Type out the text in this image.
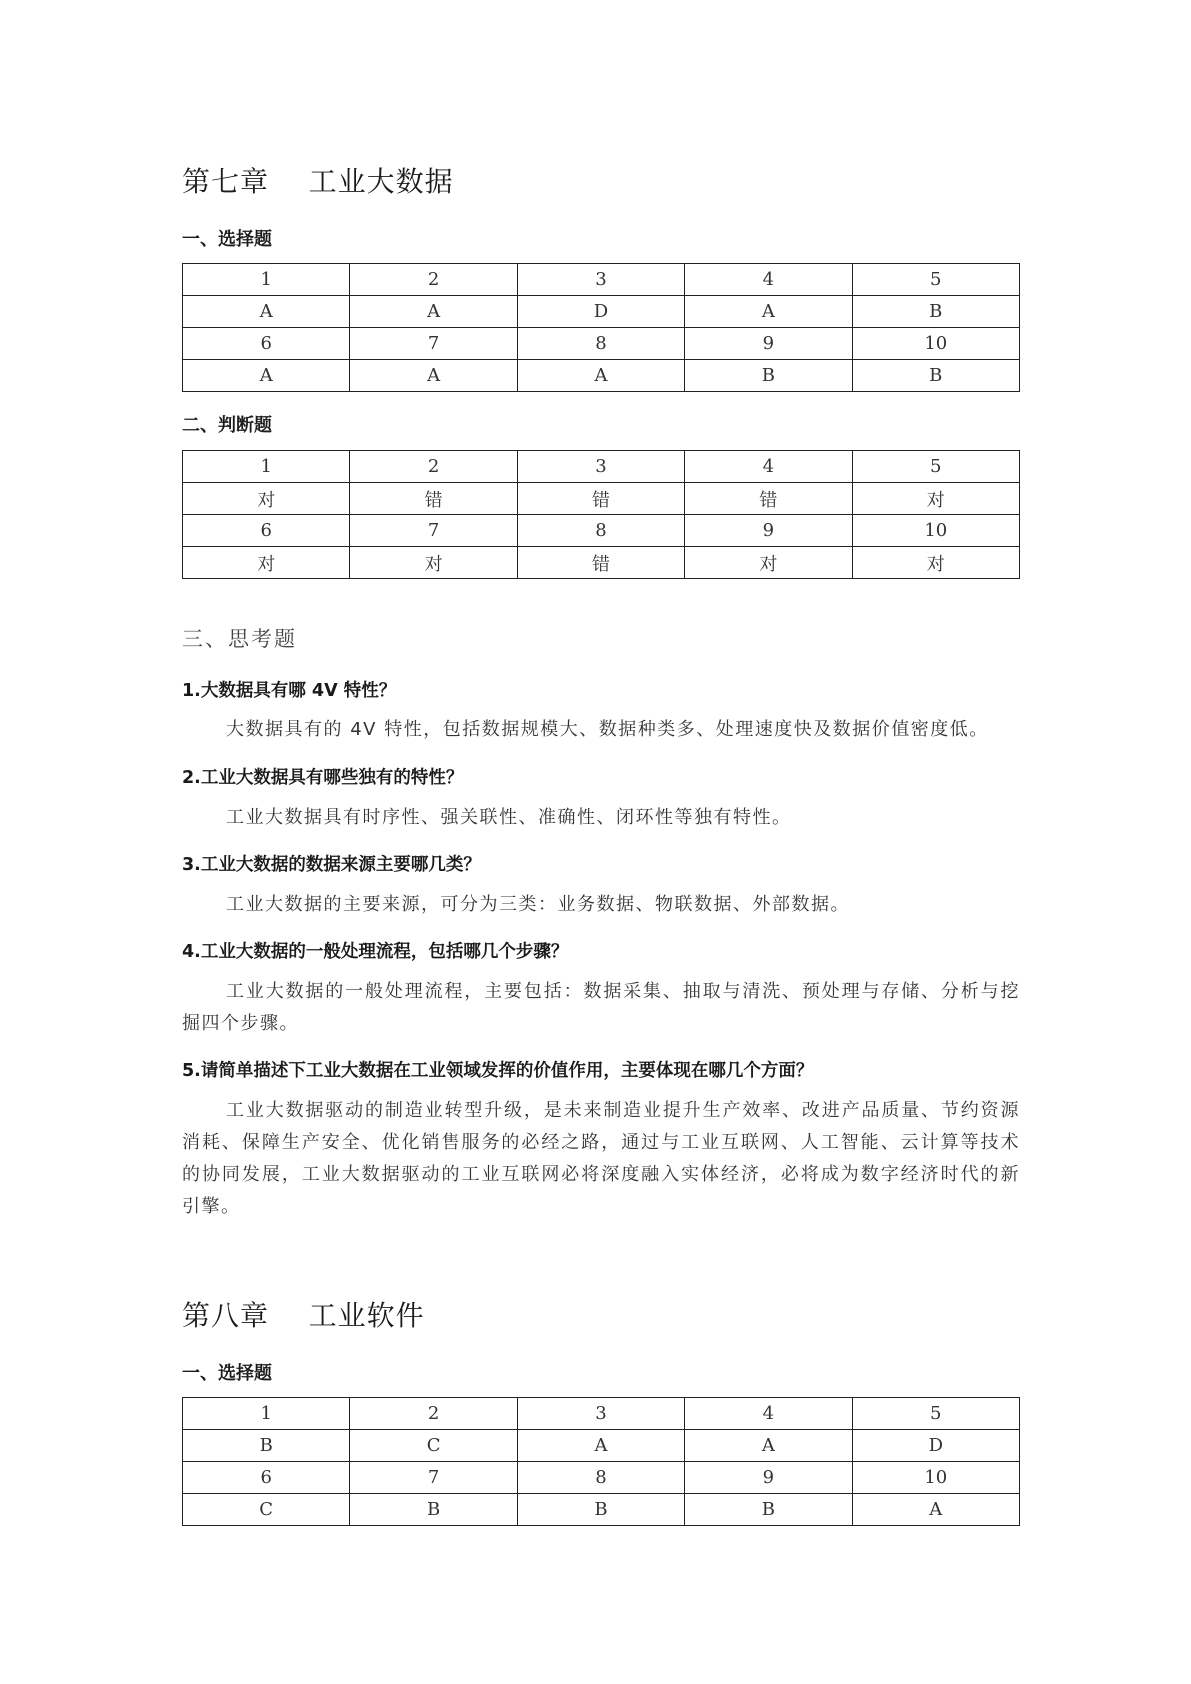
第七章    工业大数据
一、选择题
1	2	3	4	5
A	A	D	A	B
6	7	8	9	10
A	A	A	B	B
二、判断题
1	2	3	4	5
对	错	错	错	对
6	7	8	9	10
对	对	错	对	对
三、思考题
1.大数据具有哪 4V 特性？

大数据具有的 4V 特性，包括数据规模大、数据种类多、处理速度快及数据价值密度低。

2.工业大数据具有哪些独有的特性？

工业大数据具有时序性、强关联性、准确性、闭环性等独有特性。

3.工业大数据的数据来源主要哪几类？

工业大数据的主要来源，可分为三类：业务数据、物联数据、外部数据。

4.工业大数据的一般处理流程，包括哪几个步骤？

工业大数据的一般处理流程，主要包括：数据采集、抽取与清洗、预处理与存储、分析与挖掘四个步骤。

5.请简单描述下工业大数据在工业领域发挥的价值作用，主要体现在哪几个方面？

工业大数据驱动的制造业转型升级，是未来制造业提升生产效率、改进产品质量、节约资源消耗、保障生产安全、优化销售服务的必经之路，通过与工业互联网、人工智能、云计算等技术的协同发展，工业大数据驱动的工业互联网必将深度融入实体经济，必将成为数字经济时代的新引擎。

第八章    工业软件
一、选择题
1	2	3	4	5
B	C	A	A	D
6	7	8	9	10
C	B	B	B	A
